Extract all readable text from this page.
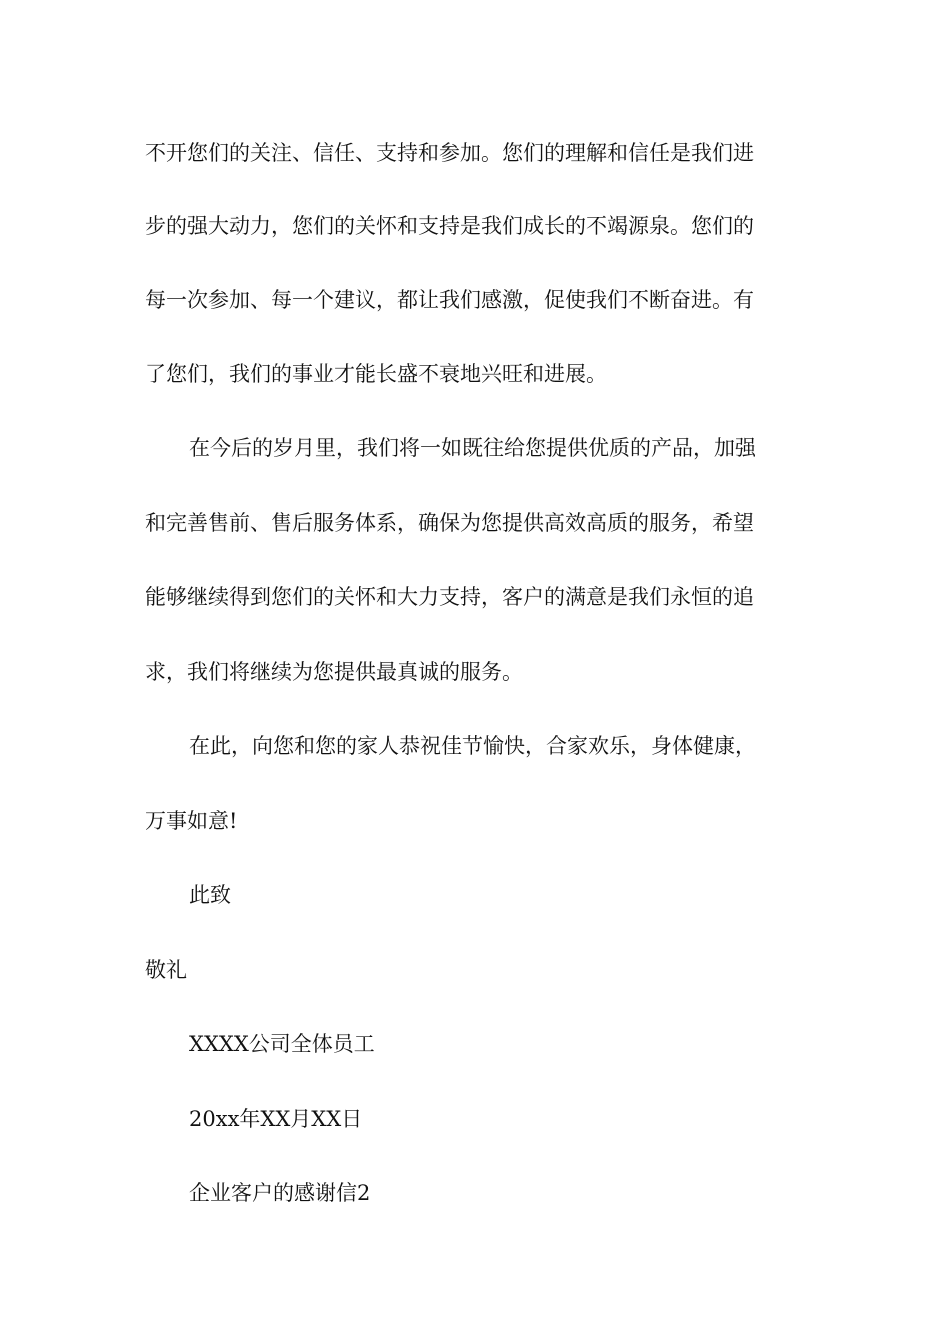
不开您们的关注、信任、支持和参加。您们的理解和信任是我们进
步的强大动力，您们的关怀和支持是我们成长的不竭源泉。您们的
每一次参加、每一个建议，都让我们感激，促使我们不断奋进。有
了您们，我们的事业才能长盛不衰地兴旺和进展。
在今后的岁月里，我们将一如既往给您提供优质的产品，加强
和完善售前、售后服务体系，确保为您提供高效高质的服务，希望
能够继续得到您们的关怀和大力支持，客户的满意是我们永恒的追
求，我们将继续为您提供最真诚的服务。
在此，向您和您的家人恭祝佳节愉快，合家欢乐，身体健康，
万事如意!
此致
敬礼
XXXX公司全体员工
20xx年XX月XX日
企业客户的感谢信2
